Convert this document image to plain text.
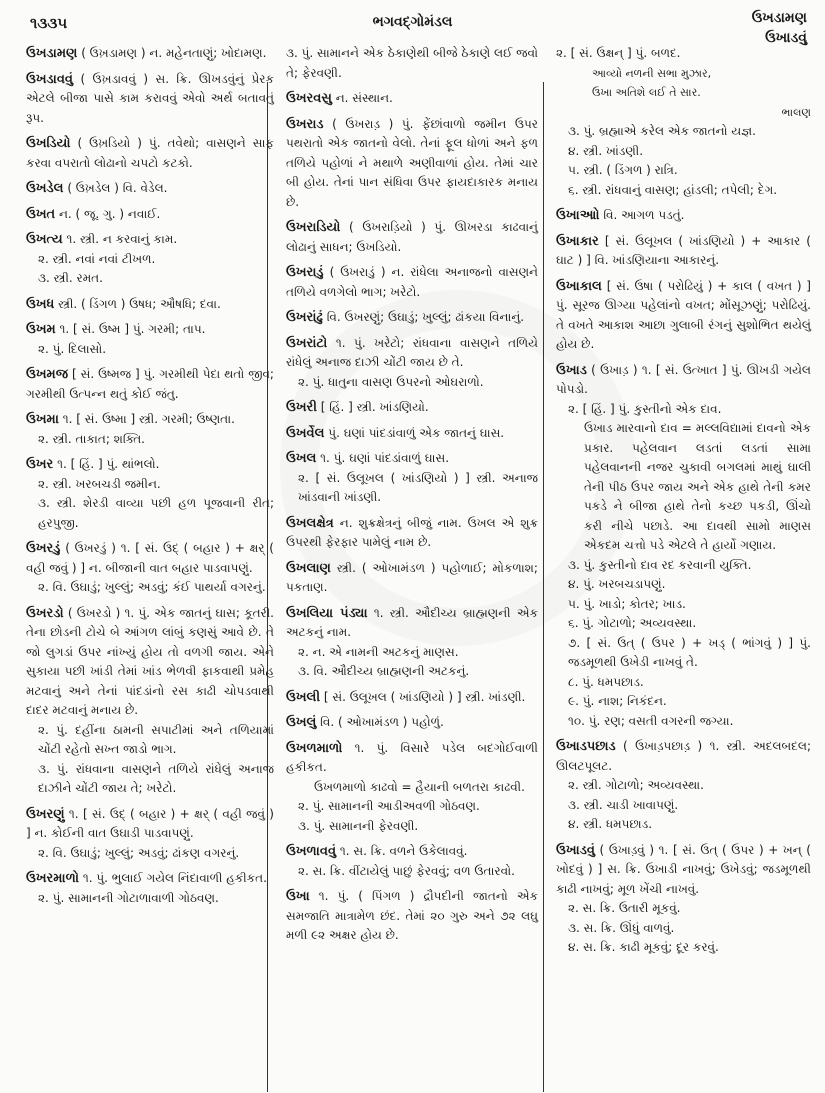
૧૩૩૫	ભગવદ્ગોમંડલ	ઉખડામણ
ઉખાડવું
ઉખડામણ ( ઉખ઼ડામણ ) ન. મહેનતાણું; ખોદામણ.
ઉખડાવવું ( ઉખ઼ડાવવું ) સ. ક્રિ. ઊખડવુંનું પ્રેરક એટલે બીજા પાસે કામ કરાવવું એવો અર્થ બતાવતું રૂપ.
ઉખડિયો ( ઉખ઼ડિયો ) પું. તવેથો; વાસણને સાફ કરવા વપરાતો લોઢાનો ચપટો કટકો.
ઉખડેલ ( ઉખ઼ડેલ ) વિ. વેડેલ.
ઉખત ન. ( જૂ. ગુ. ) નવાઈ.
ઉખત્ય ૧. સ્ત્રી. ન કરવાનું કામ.
૨. સ્ત્રી. નવાં નવાં ટીખળ.
૩. સ્ત્રી. રમત.
ઉખધ સ્ત્રી. ( ડિંગળ ) ઉષધ; ઔષધિ; દવા.
ઉખમ ૧. [ સં. ઉષ્મ ] પું. ગરમી; તાપ.
૨. પું. દિલાસો.
ઉખમજ [ સં. ઉષ્મજ ] પું. ગરમીથી પેદા થતો જીવ; ગરમીથી ઉત્પન્ન થતું કોઈ જંતુ.
ઉખમા ૧. [ સં. ઉષ્મા ] સ્ત્રી. ગરમી; ઉષ્ણતા.
૨. સ્ત્રી. તાકાત; શક્તિ.
ઉખર ૧. [ હિં. ] પું. થાંભલો.
૨. સ્ત્રી. ખરબચડી જમીન.
૩. સ્ત્રી. શેરડી વાવ્યા પછી હળ પૂજવાની રીત; હરપુજી.
ઉખરડું ( ઉખરડું ) ૧. [ સં. ઉદ્ ( બહાર ) + ક્ષર્ ( વહી જવું ) ] ન. બીજાની વાત બહાર પાડવાપણું.
૨. વિ. ઉઘાડું; ખુલ્લું; અડવું; કંઈ પાથર્યા વગરનું.
ઉખરડો ( ઉખરડો ) ૧. પું. એક જાતનું ઘાસ; કૂતરી. તેના છોડની ટોચે બે આંગળ લાંબું કણસું આવે છે. તે જો લુગડાં ઉપર નાંખ્યું હોય તો વળગી જાય. એને સુકાયા પછી ખાંડી તેમાં ખાંડ ભેળવી ફાકવાથી પ્રમેહ મટવાનું અને તેનાં પાંદડાંનો રસ કાઢી ચોપડવાથી દાદર મટવાનું મનાય છે.
૨. પું. દહીંના ઠામની સપાટીમાં અને તળિયામાં ચોંટી રહેતો સખ્ત જાડો ભાગ.
૩. પું. રાંધવાના વાસણને તળિયે રાંધેલું અનાજ દાઝીને ચોંટી જાય તે; ખરેટો.
ઉખરણું ૧. [ સં. ઉદ્ ( બહાર ) + ક્ષર્ ( વહી જવું ) ] ન. કોઈની વાત ઉઘાડી પાડવાપણું.
૨. વિ. ઉઘાડું; ખુલ્લું; અડવું; ઢાંકણ વગરનું.
ઉખરમાળો ૧. પું. ભુલાઈ ગયેલ નિંદાવાળી હકીકત.
૨. પું. સામાનની ગોટાળાવાળી ગોઠવણ.
૩. પું. સામાનને એક ઠેકાણેથી બીજે ઠેકાણે લઈ જવો તે; ફેરવણી.
ઉખરવસુ ન. સંસ્થાન.
ઉખરાડ ( ઉખરાડ઼ ) પું. ફેંછાંવાળો જમીન ઉપર પથરાતો એક જાતનો વેલો. તેનાં ફૂલ ધોળાં અને ફળ તળિયે પહોળાં ને મથાળે અણીવાળાં હોય. તેમાં ચાર બી હોય. તેનાં પાન સંધિવા ઉપર ફાયદાકારક મનાય છે.
ઉખરાડિયો ( ઉખરાડ઼િયો ) પું. ઊખરડા કાઢવાનું લોઢાનું સાધન; ઉખડિયો.
ઉખરાડું ( ઉખરાડ઼ું ) ન. રાંધેલા અનાજનો વાસણને તળિયે વળગેલો ભાગ; ખરેટો.
ઉખરાંઢું વિ. ઉખરણું; ઉઘાડું; ખુલ્લું; ઢાંકયા વિનાનું.
ઉખરાંટો ૧. પું. ખરેટો; રાંધવાના વાસણને તળિયે રાંધેલું અનાજ દાઝી ચોંટી જાય છે તે.
૨. પું. ધાતુના વાસણ ઉપરનો ઓઘરાળો.
ઉખરી [ હિં. ] સ્ત્રી. ખાંડણિયો.
ઉખર્વેલ પું. ઘણાં પાંદડાંવાળું એક જાતનું ઘાસ.
ઉખલ ૧. પું. ઘણાં પાંદડાંવાળું ઘાસ.
૨. [ સં. ઉલૂખલ ( ખાંડણિયો ) ] સ્ત્રી. અનાજ ખાંડવાની ખાંડણી.
ઉખલક્ષેત્ર ન. શુક્રક્ષેત્રનું બીજું નામ. ઉખલ એ શુક્ર ઉપરથી ફેરફાર પામેલું નામ છે.
ઉખલાણ સ્ત્રી. ( ઓખામંડળ ) પહોળાઈ; મોકળાશ; પકતાણ.
ઉખલિયા પંડ્યા ૧. સ્ત્રી. ઔદીચ્ય બ્રાહ્મણની એક અટકનું નામ.
૨. ન. એ નામની અટકનું માણસ.
૩. વિ. ઔદીચ્ય બ્રાહ્મણની અટકનું.
ઉખલી [ સં. ઉલૂખલ ( ખાંડણિયો ) ] સ્ત્રી. ખાંડણી.
ઉખલું વિ. ( ઓખામંડળ ) પહોળું.
ઉખળમાળો ૧. પું. વિસારે પડેલ બદગોઈવાળી હકીકત.
ઉખળમાળો કાઢવો = હૈયાની બળતરા કાઢવી.
૨. પું. સામાનની આડીઅવળી ગોઠવણ.
૩. પું. સામાનની ફેરવણી.
ઉખળાવવું ૧. સ. ક્રિ. વળને ઉકેલાવવું.
૨. સ. ક્રિ. વીંટાયેલું પાછું ફેરવવું; વળ ઉતારવો.
ઉખા ૧. પું. ( પિંગળ ) દ્રૌપદીની જાતનો એક સમજાતિ માત્રામેળ છંદ. તેમાં ૨૦ ગુરુ અને ૭૨ લઘુ મળી ૯૨ અક્ષર હોય છે.
૨. [ સં. ઉક્ષન્ ] પું. બળદ.
આવ્યો નળની સભા મુઝાર,
ઉખા અતિશે લઈ તે સાર.
ભાલણ
૩. પું. બ્રહ્માએ કરેલ એક જાતનો યજ્ઞ.
૪. સ્ત્રી. ખાંડણી.
૫. સ્ત્રી. ( ડિંગળ ) રાત્રિ.
૬. સ્ત્રી. રાંધવાનું વાસણ; હાંડલી; તપેલી; દેગ.
ઉખાઆો વિ. આગળ પડતું.
ઉખાકાર [ સં. ઉલૂખલ ( ખાંડણિયો ) + આકાર ( ઘાટ ) ] વિ. ખાંડણિયાના આકારનું.
ઉખાકાલ [ સં. ઉષા ( પરોઢિયું ) + કાલ ( વખત ) ] પું. સૂરજ ઊગ્યા પહેલાંનો વખત; મોંસૂઝણું; પરોઢિયું. તે વખતે આકાશ આછા ગુલાબી રંગનું સુશોભિત થયેલું હોય છે.
ઉખાડ ( ઉખાડ઼ ) ૧. [ સં. ઉત્ખાત ] પું. ઊખડી ગયેલ પોપડો.
૨. [ હિં. ] પું. કુસ્તીનો એક દાવ.
ઉખાડ મારવાનો દાવ = મલ્લવિદ્યામાં દાવનો એક પ્રકાર. પહેલવાન લડતાં લડતાં સામા પહેલવાનની નજર ચુકાવી બગલમાં માથું ઘાલી તેની પીઠ ઉપર જાય અને એક હાથે તેની કમર પકડે ને બીજા હાથે તેનો કચ્છ પકડી, ઊંચો કરી નીચે પછાડે. આ દાવથી સામો માણસ એકદમ ચત્તો પડે એટલે તે હાર્યો ગણાય.
૩. પું. કુસ્તીનો દાવ રદ કરવાની યુક્તિ.
૪. પું. ખરબચડાપણું.
૫. પું. ખાડો; કોતર; ખાડ.
૬. પું. ગોટાળો; અવ્યવસ્થા.
૭. [ સં. ઉત્ ( ઉપર ) + ખડ્ ( ભાંગવું ) ] પું. જડમૂળથી ઉખેડી નાખવું તે.
૮. પું. ધમપછાડ.
૯. પું. નાશ; નિકંદન.
૧૦. પું. રણ; વસતી વગરની જગ્યા.
ઉખાડપછાડ ( ઉખાડ઼પછાડ઼ ) ૧. સ્ત્રી. અદલબદલ; ઊલટપૂલટ.
૨. સ્ત્રી. ગોટાળો; અવ્યવસ્થા.
૩. સ્ત્રી. ચાડી ખાવાપણું.
૪. સ્ત્રી. ધમપછાડ.
ઉખાડવું ( ઉખાડ઼વું ) ૧. [ સં. ઉત્ ( ઉપર ) + ખન્ ( ખોદવું ) ] સ. ક્રિ. ઉખાડી નાખવું; ઉખેડવું; જડમૂળથી કાઢી નાખવું; મૂળ ખેંચી નાખવું.
૨. સ. ક્રિ. ઉતારી મૂકવું.
૩. સ. ક્રિ. ઊંધું વાળવું.
૪. સ. ક્રિ. કાઢી મૂકવું; દૂર કરવું.
